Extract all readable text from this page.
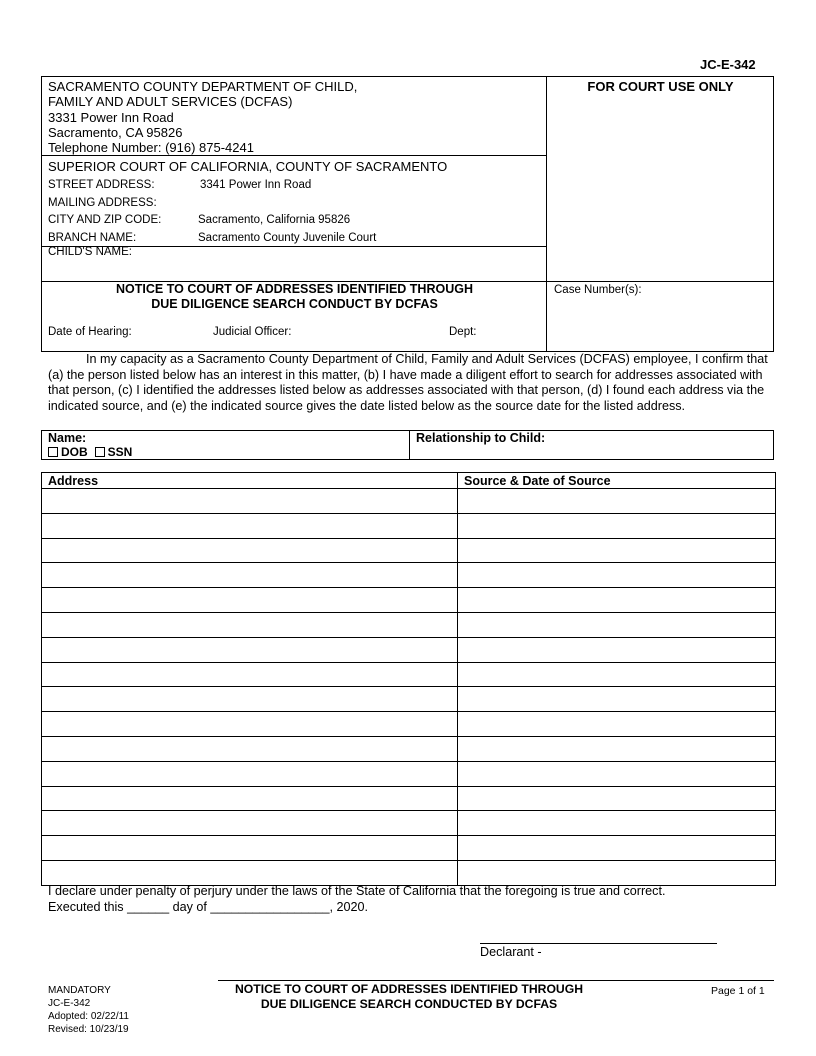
JC-E-342
SACRAMENTO COUNTY DEPARTMENT OF CHILD,
FAMILY AND ADULT SERVICES (DCFAS)
3331 Power Inn Road
Sacramento, CA 95826
Telephone Number: (916) 875-4241
SUPERIOR COURT OF CALIFORNIA, COUNTY OF SACRAMENTO
STREET ADDRESS:	3341 Power Inn Road
MAILING ADDRESS:
CITY AND ZIP CODE:	Sacramento, California 95826
BRANCH NAME:	Sacramento County Juvenile Court
CHILD'S NAME:
NOTICE TO COURT OF ADDRESSES IDENTIFIED THROUGH
DUE DILIGENCE SEARCH CONDUCT BY DCFAS
Date of Hearing:	Judicial Officer:	Dept:
FOR COURT USE ONLY
Case Number(s):
In my capacity as a Sacramento County Department of Child, Family and Adult Services (DCFAS) employee, I confirm that (a) the person listed below has an interest in this matter, (b) I have made a diligent effort to search for addresses associated with that person, (c) I identified the addresses listed below as addresses associated with that person, (d) I found each address via the indicated source, and (e) the indicated source gives the date listed below as the source date for the listed address.
Name:
DOB SSN
Relationship to Child:
Address	Source & Date of Source

I declare under penalty of perjury under the laws of the State of California that the foregoing is true and correct.
Executed this ______ day of _________________, 2020.
Declarant -
MANDATORY
JC-E-342
Adopted: 02/22/11
Revised: 10/23/19
NOTICE TO COURT OF ADDRESSES IDENTIFIED THROUGH
DUE DILIGENCE SEARCH CONDUCTED BY DCFAS
Page 1 of 1
